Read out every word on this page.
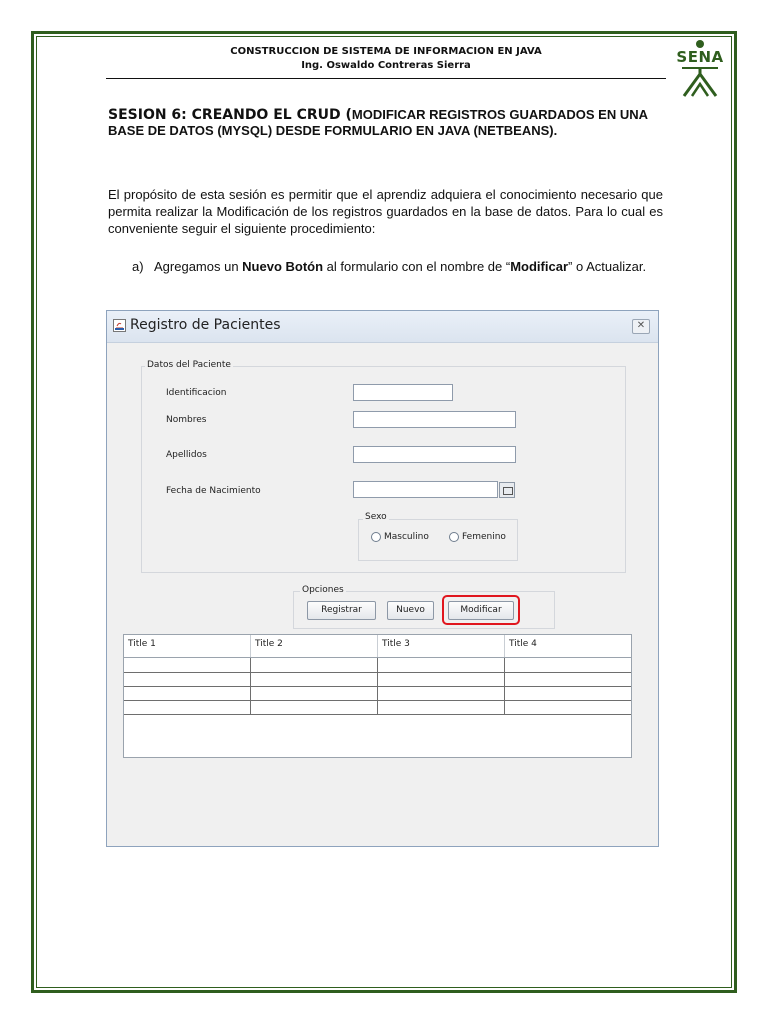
CONSTRUCCION DE SISTEMA DE INFORMACION EN JAVA
Ing. Oswaldo Contreras Sierra	SENA
SESION 6: CREANDO EL CRUD (MODIFICAR REGISTROS GUARDADOS EN UNA BASE DE DATOS (MYSQL) DESDE FORMULARIO EN JAVA (NETBEANS).
El propósito de esta sesión es permitir que el aprendiz adquiera el conocimiento necesario que permita realizar la Modificación de los registros guardados en la base de datos. Para lo cual es conveniente seguir el siguiente procedimiento:
a) Agregamos un Nuevo Botón al formulario con el nombre de “Modificar” o Actualizar.
Registro de Pacientes	✕
Datos del Paciente
Identificacion
Nombres
Apellidos
Fecha de Nacimiento
Sexo
Masculino	Femenino
Opciones
Registrar	Nuevo	Modificar
Title 1	Title 2	Title 3	Title 4
